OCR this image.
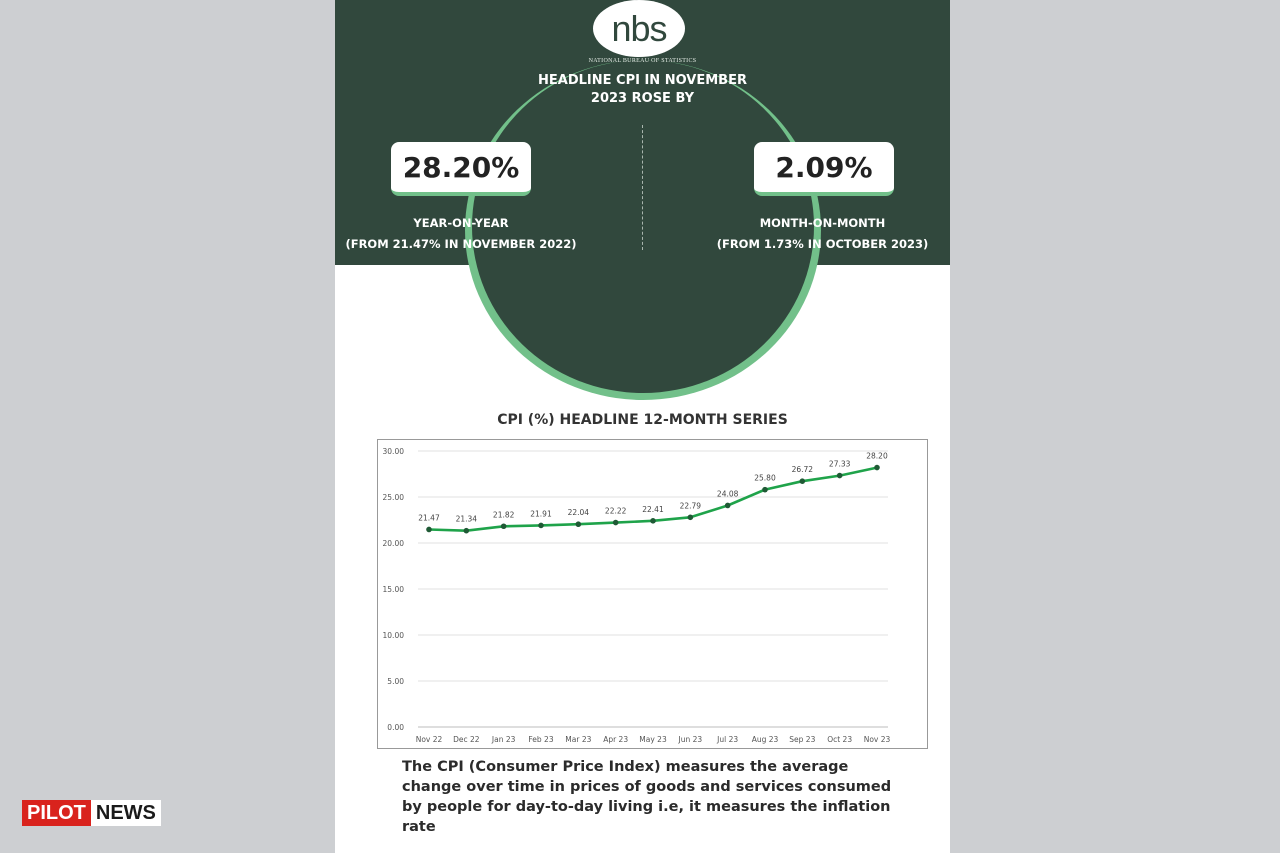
nbs
NATIONAL BUREAU OF STATISTICS
HEADLINE CPI IN NOVEMBER
2023 ROSE BY
28.20%	2.09%
YEAR-ON-YEAR
(FROM 21.47% IN NOVEMBER 2022)
MONTH-ON-MONTH
(FROM 1.73% IN OCTOBER 2023)
CPI (%) HEADLINE 12-MONTH SERIES
0.00
5.00
10.00
15.00
20.00
25.00
30.00
Nov 22 Dec 22 Jan 23 Feb 23 Mar 23 Apr 23 May 23 Jun 23 Jul 23 Aug 23 Sep 23 Oct 23 Nov 23
21.47 21.34 21.82 21.91 22.04 22.22 22.41 22.79
24.08
25.80
26.72
27.33
28.20
The CPI (Consumer Price Index) measures the average change over time in prices of goods and services consumed by people for day-to-day living i.e, it measures the inflation rate
PILOT NEWS
